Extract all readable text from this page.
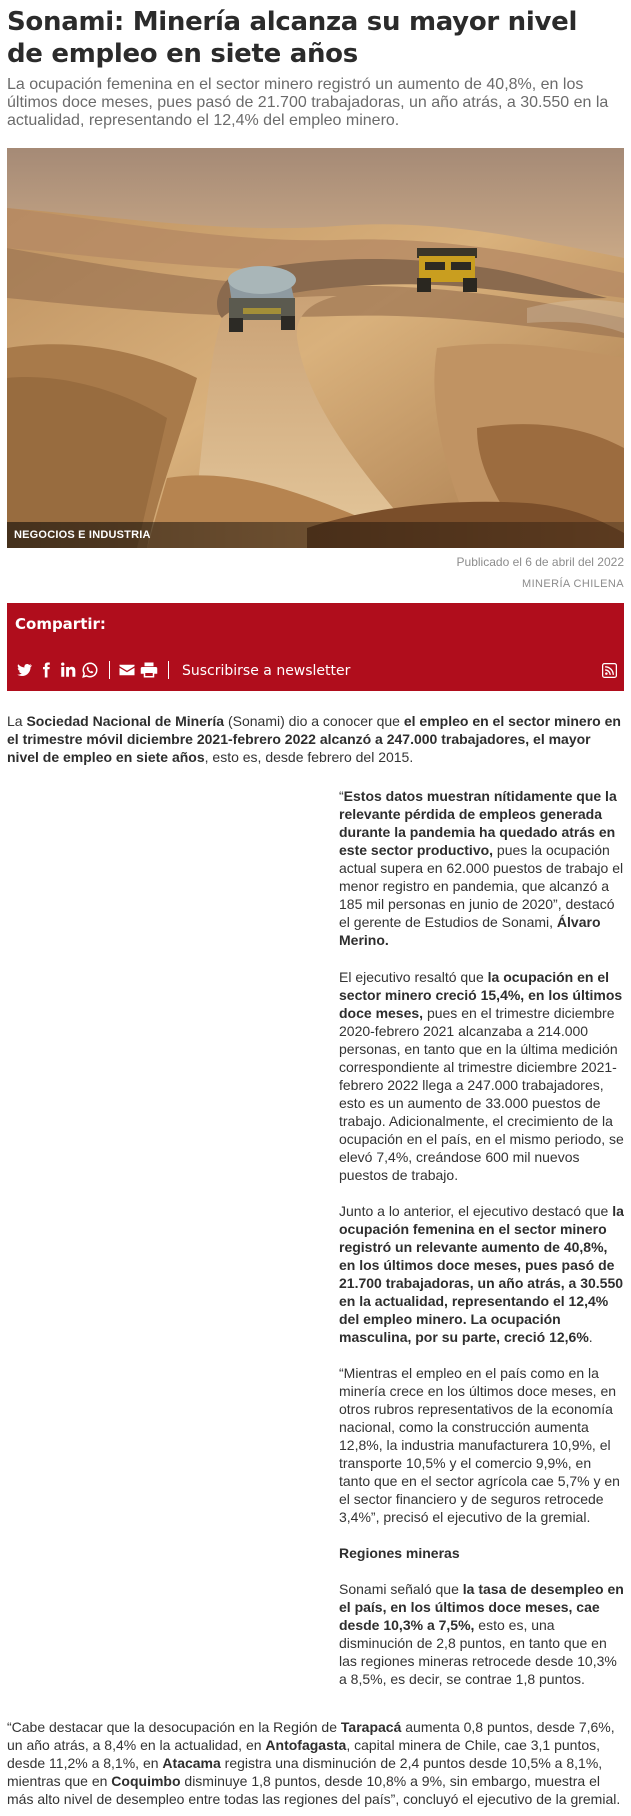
Sonami: Minería alcanza su mayor nivel de empleo en siete años

La ocupación femenina en el sector minero registró un aumento de 40,8%, en los últimos doce meses, pues pasó de 21.700 trabajadoras, un año atrás, a 30.550 en la actualidad, representando el 12,4% del empleo minero.

NEGOCIOS E INDUSTRIA
Publicado el 6 de abril del 2022
MINERÍA CHILENA
Compartir:
Suscribirse a newsletter

La Sociedad Nacional de Minería (Sonami) dio a conocer que el empleo en el sector minero en el trimestre móvil diciembre 2021-febrero 2022 alcanzó a 247.000 trabajadores, el mayor nivel de empleo en siete años, esto es, desde febrero del 2015.

“Estos datos muestran nítidamente que la relevante pérdida de empleos generada durante la pandemia ha quedado atrás en este sector productivo, pues la ocupación actual supera en 62.000 puestos de trabajo el menor registro en pandemia, que alcanzó a 185 mil personas en junio de 2020”, destacó el gerente de Estudios de Sonami, Álvaro Merino.

El ejecutivo resaltó que la ocupación en el sector minero creció 15,4%, en los últimos doce meses, pues en el trimestre diciembre 2020-febrero 2021 alcanzaba a 214.000 personas, en tanto que en la última medición correspondiente al trimestre diciembre 2021-febrero 2022 llega a 247.000 trabajadores, esto es un aumento de 33.000 puestos de trabajo. Adicionalmente, el crecimiento de la ocupación en el país, en el mismo periodo, se elevó 7,4%, creándose 600 mil nuevos puestos de trabajo.

Junto a lo anterior, el ejecutivo destacó que la ocupación femenina en el sector minero registró un relevante aumento de 40,8%, en los últimos doce meses, pues pasó de 21.700 trabajadoras, un año atrás, a 30.550 en la actualidad, representando el 12,4% del empleo minero. La ocupación masculina, por su parte, creció 12,6%.

“Mientras el empleo en el país como en la minería crece en los últimos doce meses, en otros rubros representativos de la economía nacional, como la construcción aumenta 12,8%, la industria manufacturera 10,9%, el transporte 10,5% y el comercio 9,9%, en tanto que en el sector agrícola cae 5,7% y en el sector financiero y de seguros retrocede 3,4%”, precisó el ejecutivo de la gremial.

Regiones mineras

Sonami señaló que la tasa de desempleo en el país, en los últimos doce meses, cae desde 10,3% a 7,5%, esto es, una disminución de 2,8 puntos, en tanto que en las regiones mineras retrocede desde 10,3% a 8,5%, es decir, se contrae 1,8 puntos.

“Cabe destacar que la desocupación en la Región de Tarapacá aumenta 0,8 puntos, desde 7,6%, un año atrás, a 8,4% en la actualidad, en Antofagasta, capital minera de Chile, cae 3,1 puntos, desde 11,2% a 8,1%, en Atacama registra una disminución de 2,4 puntos desde 10,5% a 8,1%, mientras que en Coquimbo disminuye 1,8 puntos, desde 10,8% a 9%, sin embargo, muestra el más alto nivel de desempleo entre todas las regiones del país”, concluyó el ejecutivo de la gremial.
